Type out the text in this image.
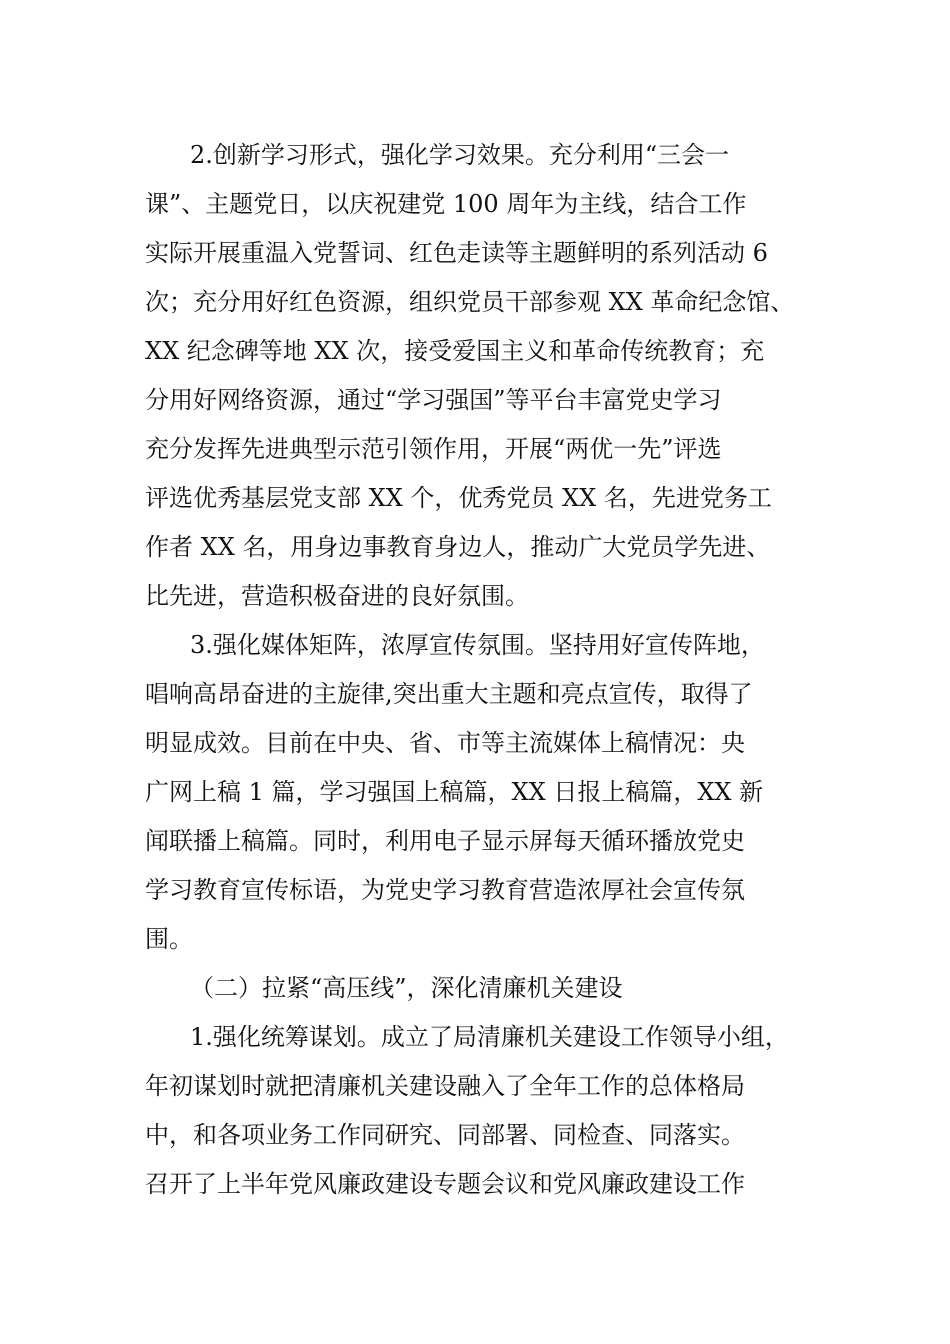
2.创新学习形式，强化学习效果。充分利用“三会一
课”、主题党日，以庆祝建党 100 周年为主线，结合工作
实际开展重温入党誓词、红色走读等主题鲜明的系列活动 6
次；充分用好红色资源，组织党员干部参观 XX 革命纪念馆、
XX 纪念碑等地 XX 次，接受爱国主义和革命传统教育；充
分用好网络资源，通过“学习强国”等平台丰富党史学习
充分发挥先进典型示范引领作用，开展“两优一先”评选
评选优秀基层党支部 XX 个，优秀党员 XX 名，先进党务工
作者 XX 名，用身边事教育身边人，推动广大党员学先进、
比先进，营造积极奋进的良好氛围。
3.强化媒体矩阵，浓厚宣传氛围。坚持用好宣传阵地，
唱响高昂奋进的主旋律,突出重大主题和亮点宣传，取得了
明显成效。目前在中央、省、市等主流媒体上稿情况：央
广网上稿 1 篇，学习强国上稿篇，XX 日报上稿篇，XX 新
闻联播上稿篇。同时，利用电子显示屏每天循环播放党史
学习教育宣传标语，为党史学习教育营造浓厚社会宣传氛
围。
（二）拉紧“高压线”，深化清廉机关建设
1.强化统筹谋划。成立了局清廉机关建设工作领导小组，
年初谋划时就把清廉机关建设融入了全年工作的总体格局
中，和各项业务工作同研究、同部署、同检查、同落实。
召开了上半年党风廉政建设专题会议和党风廉政建设工作
